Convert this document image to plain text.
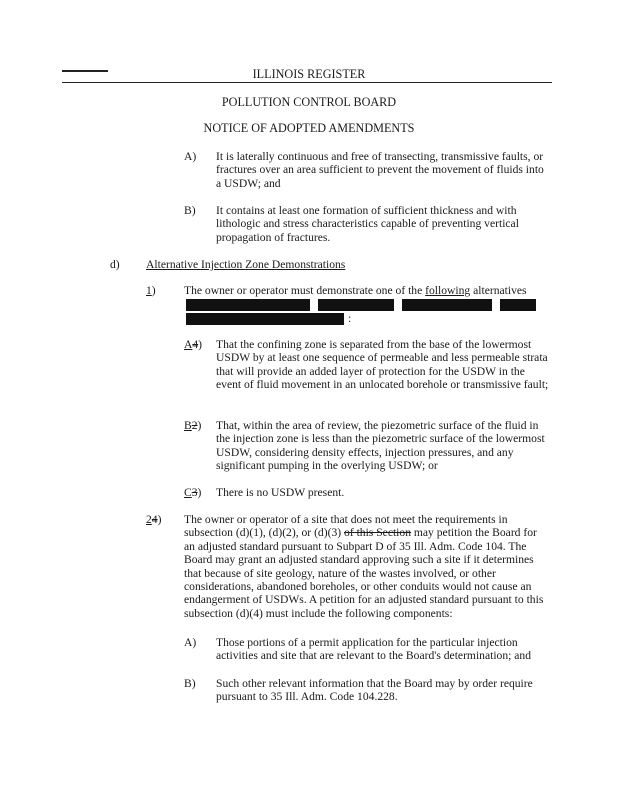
ILLINOIS REGISTER
POLLUTION CONTROL BOARD
NOTICE OF ADOPTED AMENDMENTS
A) It is laterally continuous and free of transecting, transmissive faults, or fractures over an area sufficient to prevent the movement of fluids into a USDW; and
B) It contains at least one formation of sufficient thickness and with lithologic and stress characteristics capable of preventing vertical propagation of fractures.
d) Alternative Injection Zone Demonstrations
1) The owner or operator must demonstrate one of the following alternatives
:
A4) That the confining zone is separated from the base of the lowermost USDW by at least one sequence of permeable and less permeable strata that will provide an added layer of protection for the USDW in the event of fluid movement in an unlocated borehole or transmissive fault;
B2) That, within the area of review, the piezometric surface of the fluid in the injection zone is less than the piezometric surface of the lowermost USDW, considering density effects, injection pressures, and any significant pumping in the overlying USDW; or
C3) There is no USDW present.
24) The owner or operator of a site that does not meet the requirements in subsection (d)(1), (d)(2), or (d)(3) of this Section may petition the Board for an adjusted standard pursuant to Subpart D of 35 Ill. Adm. Code 104. The Board may grant an adjusted standard approving such a site if it determines that because of site geology, nature of the wastes involved, or other considerations, abandoned boreholes, or other conduits would not cause an endangerment of USDWs. A petition for an adjusted standard pursuant to this subsection (d)(4) must include the following components:
A) Those portions of a permit application for the particular injection activities and site that are relevant to the Board's determination; and
B) Such other relevant information that the Board may by order require pursuant to 35 Ill. Adm. Code 104.228.
